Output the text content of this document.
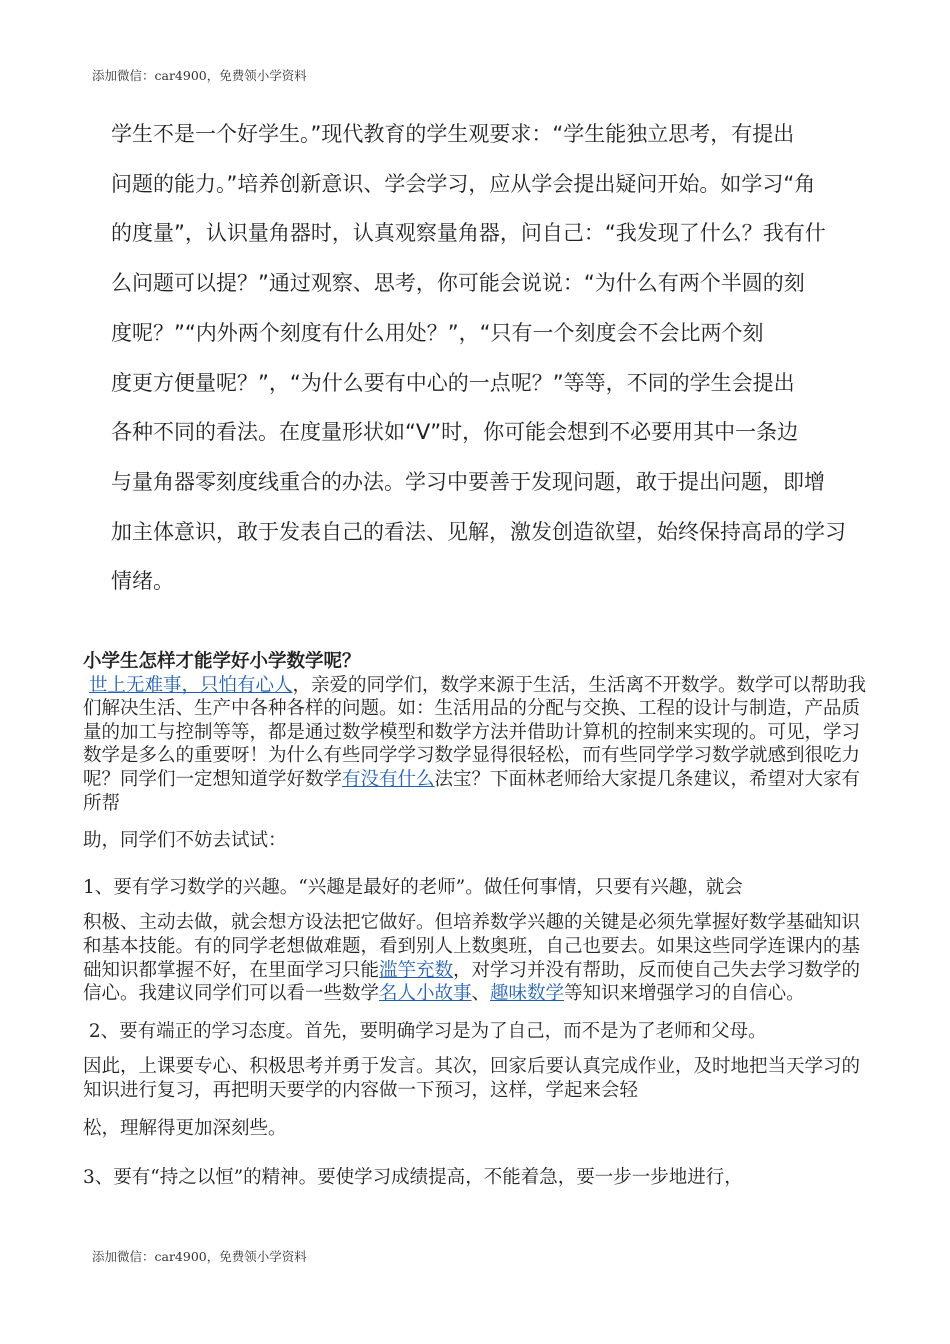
添加微信：car4900，免费领小学资料

学生不是一个好学生。”现代教育的学生观要求：“学生能独立思考，有提出

问题的能力。”培养创新意识、学会学习，应从学会提出疑问开始。如学习“角

的度量”，认识量角器时，认真观察量角器，问自己：“我发现了什么？我有什

么问题可以提？”通过观察、思考，你可能会说说：“为什么有两个半圆的刻

度呢？”“内外两个刻度有什么用处？”，“只有一个刻度会不会比两个刻

度更方便量呢？”，“为什么要有中心的一点呢？”等等，不同的学生会提出

各种不同的看法。在度量形状如“V”时，你可能会想到不必要用其中一条边

与量角器零刻度线重合的办法。学习中要善于发现问题，敢于提出问题，即增

加主体意识，敢于发表自己的看法、见解，激发创造欲望，始终保持高昂的学习

情绪。

小学生怎样才能学好小学数学呢？

世上无难事，只怕有心人，亲爱的同学们，数学来源于生活，生活离不开数学。数学可以帮助我们解决生活、生产中各种各样的问题。如：生活用品的分配与交换、工程的设计与制造，产品质量的加工与控制等等，都是通过数学模型和数学方法并借助计算机的控制来实现的。可见，学习数学是多么的重要呀！为什么有些同学学习数学显得很轻松，而有些同学学习数学就感到很吃力呢？同学们一定想知道学好数学有没有什么法宝？下面林老师给大家提几条建议，希望对大家有所帮

助，同学们不妨去试试：

1、要有学习数学的兴趣。“兴趣是最好的老师”。做任何事情，只要有兴趣，就会

积极、主动去做，就会想方设法把它做好。但培养数学兴趣的关键是必须先掌握好数学基础知识和基本技能。有的同学老想做难题，看到别人上数奥班，自己也要去。如果这些同学连课内的基础知识都掌握不好，在里面学习只能滥竽充数，对学习并没有帮助，反而使自己失去学习数学的信心。我建议同学们可以看一些数学名人小故事、趣味数学等知识来增强学习的自信心。

2、要有端正的学习态度。首先，要明确学习是为了自己，而不是为了老师和父母。

因此，上课要专心、积极思考并勇于发言。其次，回家后要认真完成作业，及时地把当天学习的知识进行复习，再把明天要学的内容做一下预习，这样，学起来会轻

松，理解得更加深刻些。

3、要有“持之以恒”的精神。要使学习成绩提高，不能着急，要一步一步地进行，

添加微信：car4900，免费领小学资料
